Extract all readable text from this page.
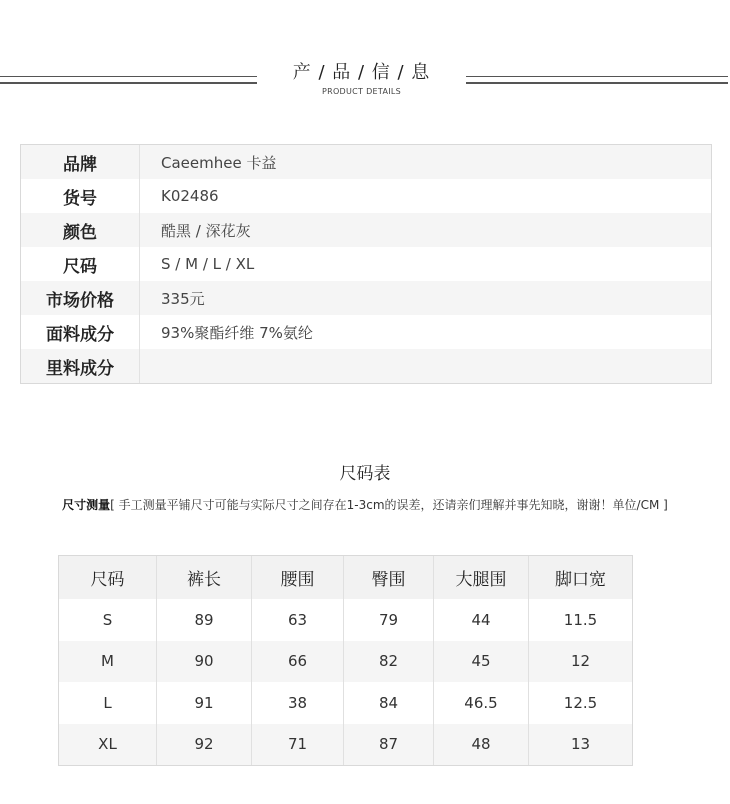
产 / 品 / 信 / 息
PRODUCT DETAILS
品牌	Caeemhee 卡益
货号	K02486
颜色	酷黑 / 深花灰
尺码	S / M / L / XL
市场价格	335元
面料成分	93%聚酯纤维 7%氨纶
里料成分
尺码表
尺寸测量[ 手工测量平铺尺寸可能与实际尺寸之间存在1-3cm的误差，还请亲们理解并事先知晓，谢谢！单位/CM ]
尺码	裤长	腰围	臀围	大腿围	脚口宽
S	89	63	79	44	11.5
M	90	66	82	45	12
L	91	38	84	46.5	12.5
XL	92	71	87	48	13
